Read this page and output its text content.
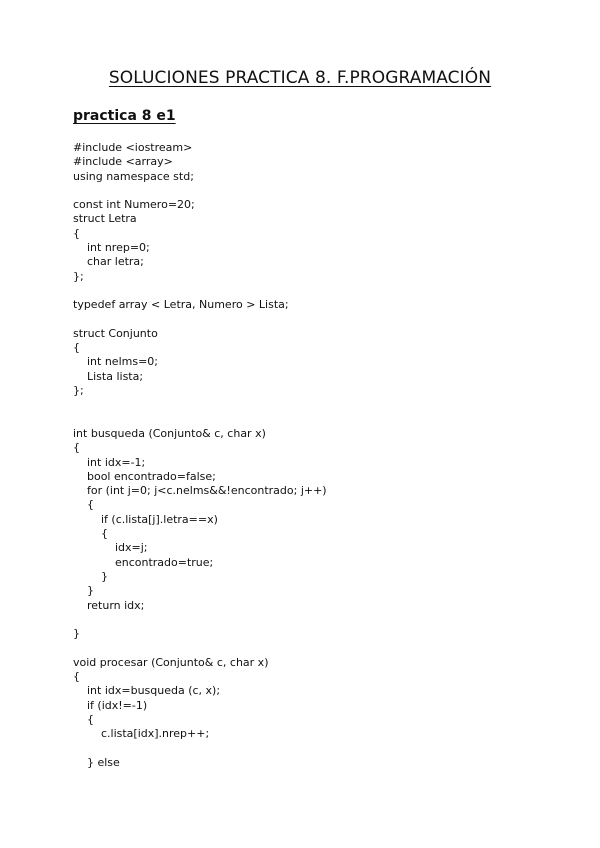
SOLUCIONES PRACTICA 8. F.PROGRAMACIÓN
practica 8 e1
#include <iostream>
#include <array>
using namespace std;
const int Numero=20;
struct Letra
{
int nrep=0;
char letra;
};
typedef array < Letra, Numero > Lista;
struct Conjunto
{
int nelms=0;
Lista lista;
};
int busqueda (Conjunto& c, char x)
{
int idx=-1;
bool encontrado=false;
for (int j=0; j<c.nelms&&!encontrado; j++)
{
if (c.lista[j].letra==x)
{
idx=j;
encontrado=true;
}
}
return idx;
}
void procesar (Conjunto& c, char x)
{
int idx=busqueda (c, x);
if (idx!=-1)
{
c.lista[idx].nrep++;
} else
